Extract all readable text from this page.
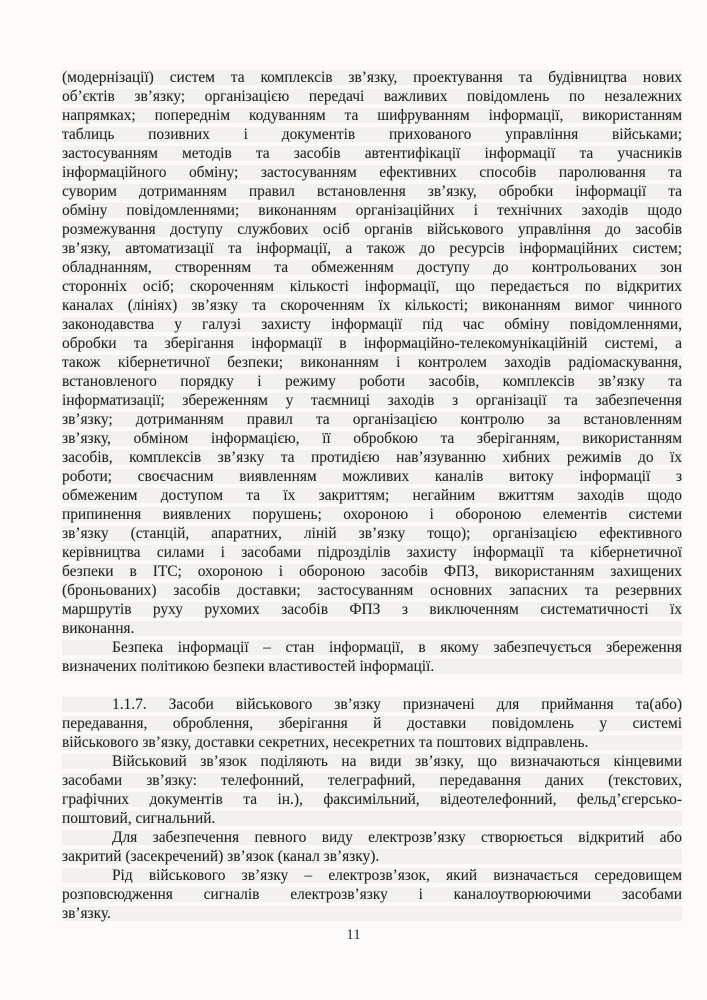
(модернізації) систем та комплексів зв’язку, проектування та будівництва нових
об’єктів зв’язку; організацією передачі важливих повідомлень по незалежних
напрямках; попереднім кодуванням та шифруванням інформації, використанням
таблиць позивних і документів прихованого управління військами;
застосуванням методів та засобів автентифікації інформації та учасників
інформаційного обміну; застосуванням ефективних способів паролювання та
суворим дотриманням правил встановлення зв’язку, обробки інформації та
обміну повідомленнями; виконанням організаційних і технічних заходів щодо
розмежування доступу службових осіб органів військового управління до засобів
зв’язку, автоматизації та інформації, а також до ресурсів інформаційних систем;
обладнанням, створенням та обмеженням доступу до контрольованих зон
сторонніх осіб; скороченням кількості інформації, що передається по відкритих
каналах (лініях) зв’язку та скороченням їх кількості; виконанням вимог чинного
законодавства у галузі захисту інформації під час обміну повідомленнями,
обробки та зберігання інформації в інформаційно-телекомунікаційній системі, а
також кібернетичної безпеки; виконанням і контролем заходів радіомаскування,
встановленого порядку і режиму роботи засобів, комплексів зв’язку та
інформатизації; збереженням у таємниці заходів з організації та забезпечення
зв’язку; дотриманням правил та організацією контролю за встановленням
зв’язку, обміном інформацією, її обробкою та зберіганням, використанням
засобів, комплексів зв’язку та протидією нав’язуванню хибних режимів до їх
роботи; своєчасним виявленням можливих каналів витоку інформації з
обмеженим доступом та їх закриттям; негайним вжиттям заходів щодо
припинення виявлених порушень; охороною і обороною елементів системи
зв’язку (станцій, апаратних, ліній зв’язку тощо); організацією ефективного
керівництва силами і засобами підрозділів захисту інформації та кібернетичної
безпеки в ІТС; охороною і обороною засобів ФПЗ, використанням захищених
(броньованих) засобів доставки; застосуванням основних запасних та резервних
маршрутів руху рухомих засобів ФПЗ з виключенням систематичності їх
виконання.
Безпека інформації – стан інформації, в якому забезпечується збереження
визначених політикою безпеки властивостей інформації.
1.1.7. Засоби військового зв’язку призначені для приймання та(або)
передавання, оброблення, зберігання й доставки повідомлень у системі
військового зв’язку, доставки секретних, несекретних та поштових відправлень.
Військовий зв’язок поділяють на види зв’язку, що визначаються кінцевими
засобами зв’язку: телефонний, телеграфний, передавання даних (текстових,
графічних документів та ін.), факсимільний, відеотелефонний, фельд’єгерсько-
поштовий, сигнальний.
Для забезпечення певного виду електрозв’язку створюється відкритий або
закритий (засекречений) зв’язок (канал зв’язку).
Рід військового зв’язку – електрозв’язок, який визначається середовищем
розповсюдження сигналів електрозв’язку і каналоутворюючими засобами
зв’язку.
11
